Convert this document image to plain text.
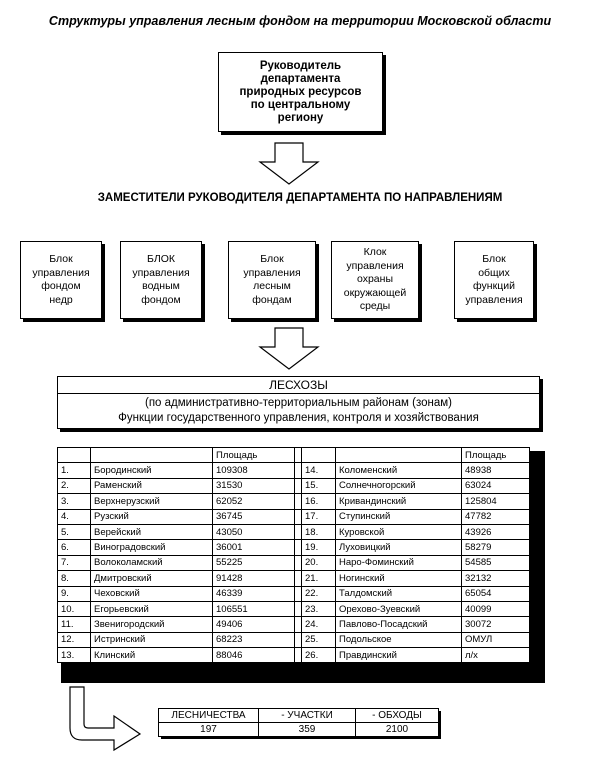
Структуры управления лесным фондом на территории Московской области
Руководитель
департамента
природных ресурсов
по центральному
региону
ЗАМЕСТИТЕЛИ РУКОВОДИТЕЛЯ ДЕПАРТАМЕНТА ПО НАПРАВЛЕНИЯМ
Блок
управления
фондом
недр
БЛОК
управления
водным
фондом
Блок
управления
лесным
фондам
Клок
управления
охраны
окружающей
среды
Блок
общих
функций
управления
ЛЕСХОЗЫ
(по административно-территориальным районам (зонам)
Функции государственного управления, контроля и хозяйствования
		Площадь				Площадь
1.	Бородинский	109308		14.	Коломенский	48938
2.	Раменский	31530		15.	Солнечногорский	63024
3.	Верхнерузский	62052		16.	Кривандинский	125804
4.	Рузский	36745		17.	Ступинский	47782
5.	Верейский	43050		18.	Куровской	43926
6.	Виноградовский	36001		19.	Луховицкий	58279
7.	Волоколамский	55225		20.	Наро-Фоминский	54585
8.	Дмитровский	91428		21.	Ногинский	32132
9.	Чеховский	46339		22.	Талдомский	65054
10.	Егорьевский	106551		23.	Орехово-Зуевский	40099
11.	Звенигородский	49406		24.	Павлово-Посадский	30072
12.	Истринский	68223		25.	Подольское	ОМУЛ
13.	Клинский	88046		26.	Правдинский	л/х
ЛЕСНИЧЕСТВА	- УЧАСТКИ	- ОБХОДЫ
197	359	2100
